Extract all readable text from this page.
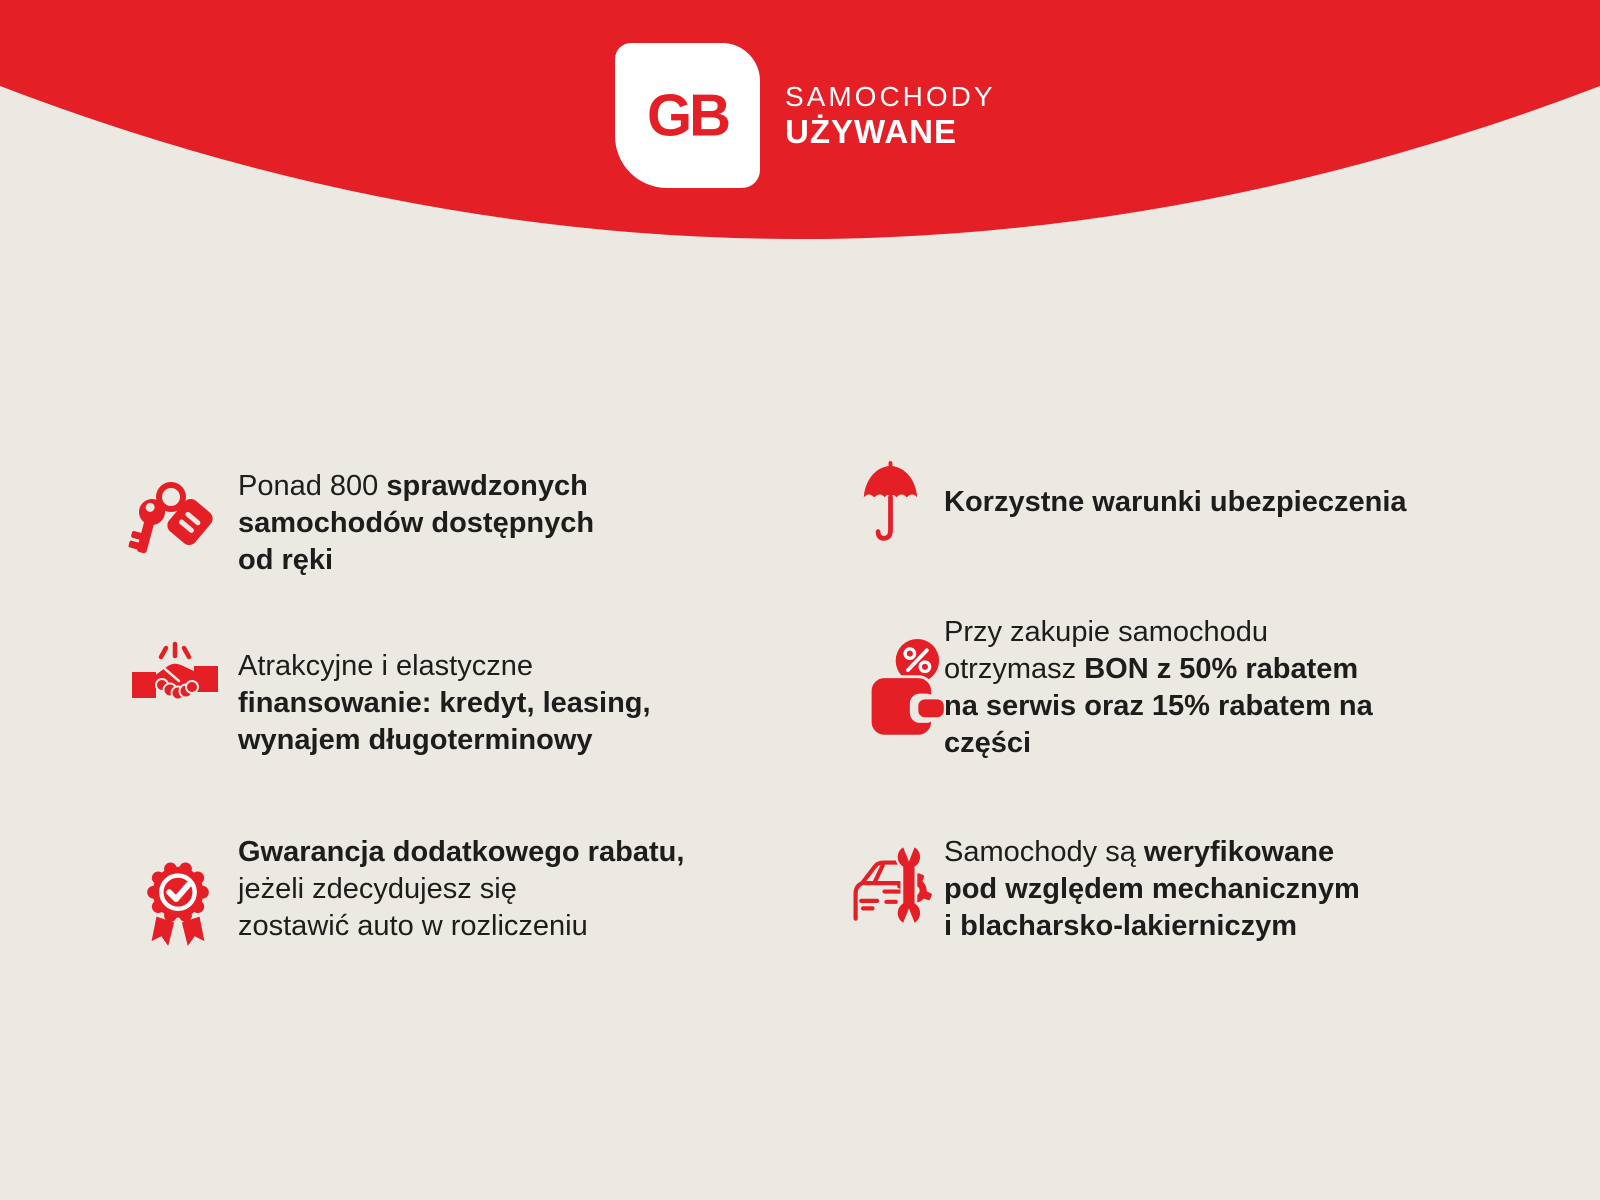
GB SAMOCHODY
UŻYWANE
Ponad 800 sprawdzonych
samochodów dostępnych
od ręki
Atrakcyjne i elastyczne
finansowanie: kredyt, leasing,
wynajem długoterminowy
Gwarancja dodatkowego rabatu,
jeżeli zdecydujesz się
zostawić auto w rozliczeniu
Korzystne warunki ubezpieczenia
Przy zakupie samochodu
otrzymasz BON z 50% rabatem
na serwis oraz 15% rabatem na
części
Samochody są weryfikowane
pod względem mechanicznym
i blacharsko-lakierniczym
